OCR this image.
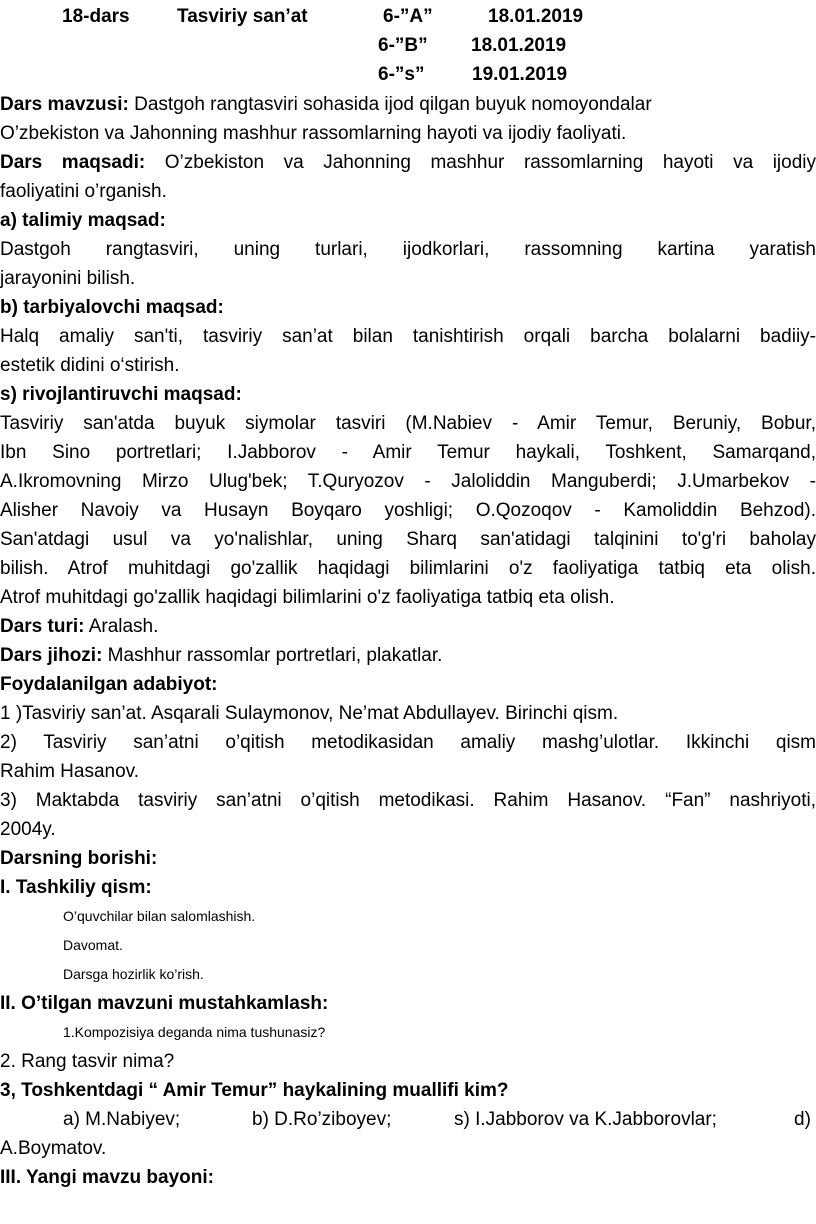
18-dars Tasviriy san’at	6-”A”	18.01.2019
6-”B” 18.01.2019
6-”s”	19.01.2019
Dars mavzusi: Dastgoh rangtasviri sohasida ijod qilgan buyuk nomoyondalar
O’zbekiston va Jahonning mashhur rassomlarning hayoti va ijodiy faoliyati.
Dars maqsadi: O’zbekiston va Jahonning mashhur rassomlarning hayoti va ijodiy
faoliyatini o’rganish.
a) talimiy maqsad:
Dastgoh rangtasviri, uning turlari, ijodkorlari, rassomning kartina yaratish
jarayonini bilish.
b) tarbiyalovchi maqsad:
Halq amaliy san'ti, tasviriy san’at bilan tanishtirish orqali barcha bolalarni badiiy-
estetik didini o‘stirish.
s) rivojlantiruvchi maqsad:
Tasviriy san'atda buyuk siymolar tasviri (M.Nabiev - Amir Temur, Beruniy, Bobur,
Ibn Sino portretlari; I.Jabborov - Amir Temur haykali, Toshkent, Samarqand,
A.Ikromovning Mirzo Ulug'bek; T.Quryozov - Jaloliddin Manguberdi; J.Umarbekov -
Alisher Navoiy va Husayn Boyqaro yoshligi; O.Qozoqov - Kamoliddin Behzod).
San'atdagi usul va yo'nalishlar, uning Sharq san'atidagi talqinini to'g'ri baholay
bilish. Atrof muhitdagi go'zallik haqidagi bilimlarini o'z faoliyatiga tatbiq eta olish.
Atrof muhitdagi go'zallik haqidagi bilimlarini o'z faoliyatiga tatbiq eta olish.
Dars turi: Aralash.
Dars jihozi: Mashhur rassomlar portretlari, plakatlar.
Foydalanilgan adabiyot:
1 )Tasviriy san’at. Asqarali Sulaymonov, Ne’mat Abdullayev. Birinchi qism.
2) Tasviriy san’atni o’qitish metodikasidan amaliy mashg’ulotlar. Ikkinchi qism
Rahim Hasanov.
3) Maktabda tasviriy san’atni o’qitish metodikasi. Rahim Hasanov. “Fan” nashriyoti,
2004y.
Darsning borishi:
I. Tashkiliy qism:
O’quvchilar bilan salomlashish.
Davomat.
Darsga hozirlik ko’rish.
II. O’tilgan mavzuni mustahkamlash:
1.Kompozisiya deganda nima tushunasiz?
2. Rang tasvir nima?
3, Toshkentdagi “ Amir Temur” haykalining muallifi kim?
a) M.Nabiyev;	b) D.Ro’ziboyev;	s) I.Jabborov va K.Jabborovlar;	d)
A.Boymatov.
III. Yangi mavzu bayoni:
